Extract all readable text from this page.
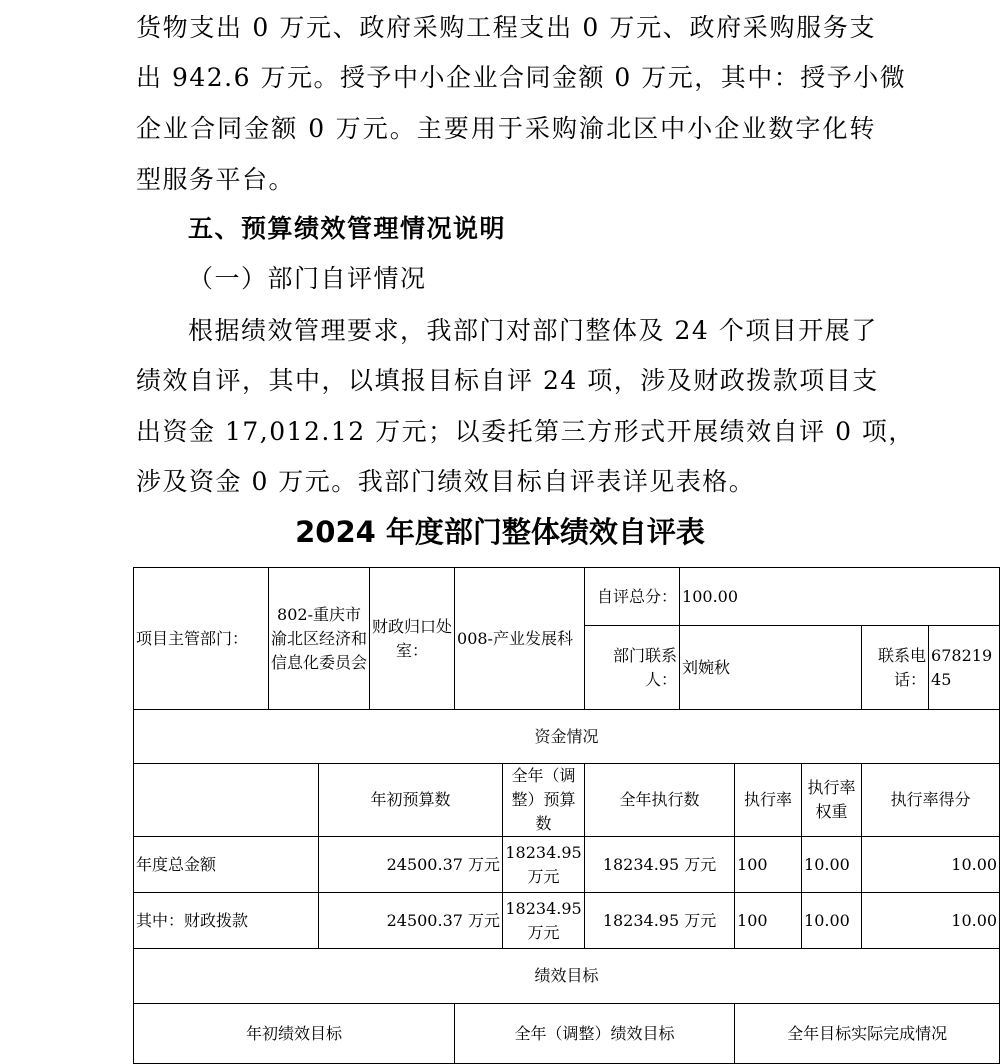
货物支出 0 万元、政府采购工程支出 0 万元、政府采购服务支
出 942.6 万元。授予中小企业合同金额 0 万元，其中：授予小微
企业合同金额 0 万元。主要用于采购渝北区中小企业数字化转
型服务平台。
五、预算绩效管理情况说明
（一）部门自评情况
根据绩效管理要求，我部门对部门整体及 24 个项目开展了
绩效自评，其中，以填报目标自评 24 项，涉及财政拨款项目支
出资金 17,012.12 万元；以委托第三方形式开展绩效自评 0 项，
涉及资金 0 万元。我部门绩效目标自评表详见表格。
2024 年度部门整体绩效自评表
项目主管部门：	802-重庆市渝北区经济和信息化委员会		财政归口处室：	008-产业发展科		自评总分：	100.00				
						部门联系人：	刘婉秋			联系电话：	67821945
资金情况											
		年初预算数			全年（调整）预算数	全年执行数		执行率	执行率权重	执行率得分	
年度总金额		24500.37 万元			18234.95 万元	18234.95 万元		100	10.00	10.00	
其中：财政拨款		24500.37 万元			18234.95 万元	18234.95 万元		100	10.00	10.00	
绩效目标											
年初绩效目标				全年（调整）绩效目标				全年目标实际完成情况			
